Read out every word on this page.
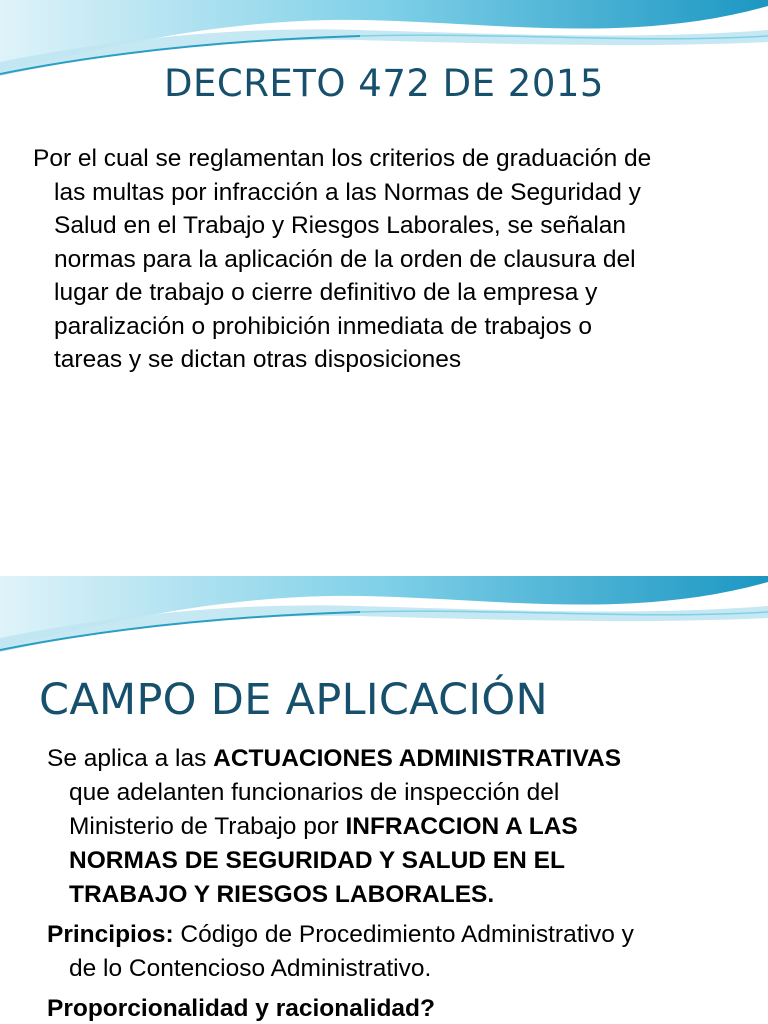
DECRETO 472 DE 2015
Por el cual se reglamentan los criterios de graduación de
las multas por infracción a las Normas de Seguridad y
Salud en el Trabajo y Riesgos Laborales, se señalan
normas para la aplicación de la orden de clausura del
lugar de trabajo o cierre definitivo de la empresa y
paralización o prohibición inmediata de trabajos o
tareas y se dictan otras disposiciones
CAMPO DE APLICACIÓN
Se aplica a las ACTUACIONES ADMINISTRATIVAS
que adelanten funcionarios de inspección del
Ministerio de Trabajo por INFRACCION A LAS
NORMAS DE SEGURIDAD Y SALUD EN EL
TRABAJO Y RIESGOS LABORALES.
Principios: Código de Procedimiento Administrativo y
de lo Contencioso Administrativo.
Proporcionalidad y racionalidad?
